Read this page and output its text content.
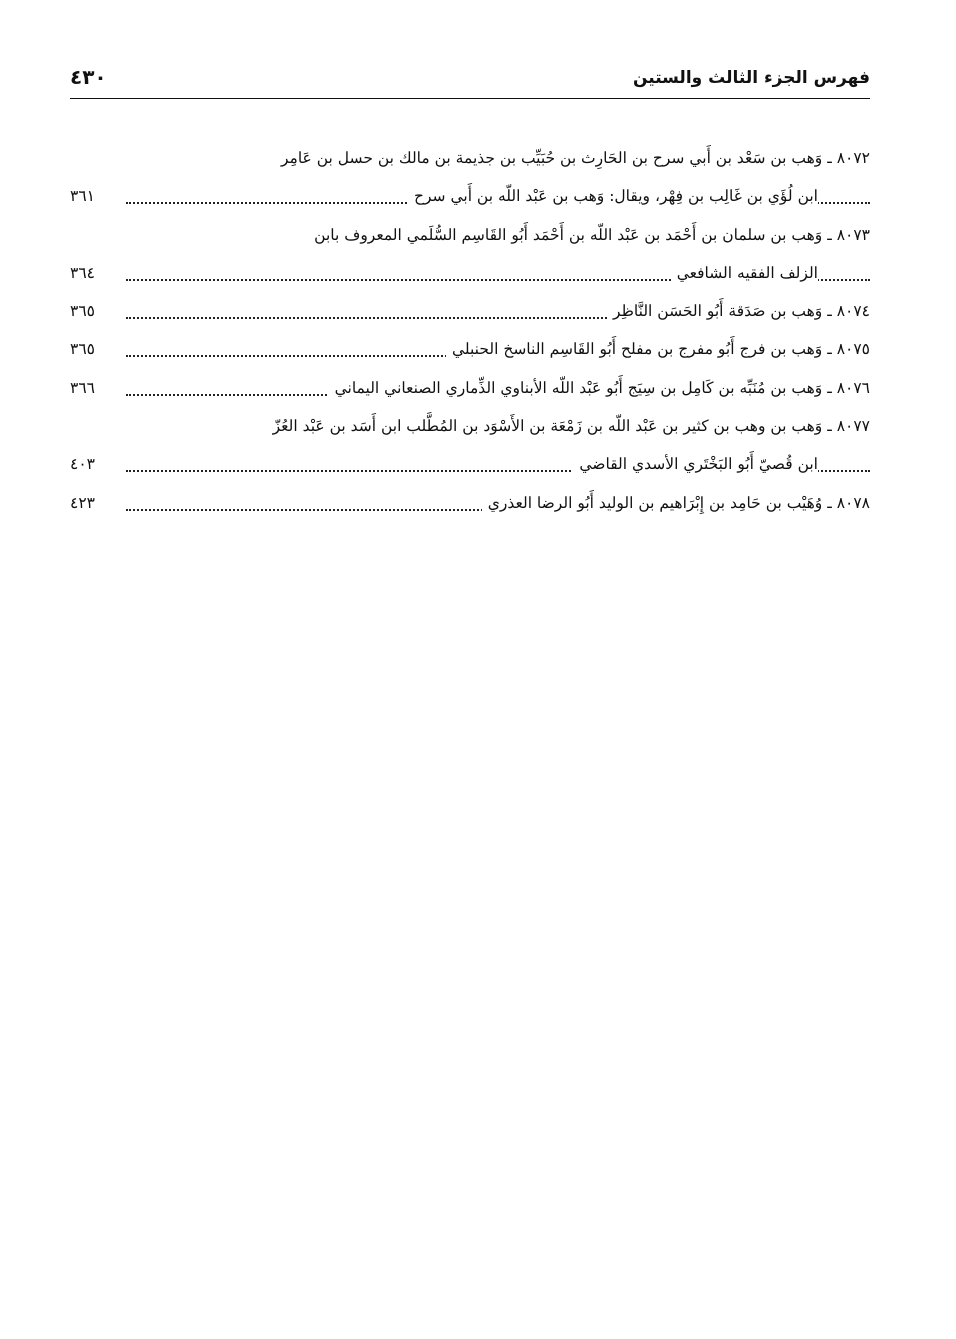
فهرس الجزء الثالث والستين
٤٣٠
٨٠٧٢ ـ وَهب بن سَعْد بن أَبي سرح بن الحَارِث بن حُبَيِّب بن جذيمة بن مالك بن حسل بن عَامِر
ابن لُؤَي بن غَالِب بن فِهْر، ويقال: وَهب بن عَبْد اللّه بن أَبي سرح
٣٦١
٨٠٧٣ ـ وَهب بن سلمان بن أَحْمَد بن عَبْد اللّه بن أَحْمَد أَبُو القَاسِم السُّلَمي المعروف بابن
الزلف الفقيه الشافعي
٣٦٤
٨٠٧٤ ـ وَهب بن صَدَقة أَبُو الحَسَن النَّاظِر
٣٦٥
٨٠٧٥ ـ وَهب بن فرج أَبُو مفرج بن مفلح أَبُو القَاسِم الناسخ الحنبلي
٣٦٥
٨٠٧٦ ـ وَهب بن مُنَبِّه بن كَامِل بن سِيَج أَبُو عَبْد اللّه الأبناوي الذِّماري الصنعاني اليماني
٣٦٦
٨٠٧٧ ـ وَهب بن وهب بن كثير بن عَبْد اللّه بن زَمْعَة بن الأَسْوَد بن المُطَّلب ابن أَسَد بن عَبْد العُزّ
ابن قُصيّ أَبُو البَخْتَري الأسدي القاضي
٤٠٣
٨٠٧٨ ـ وُهَيْب بن حَامِد بن إِبْرَاهيم بن الوليد أَبُو الرضا العذري
٤٢٣
